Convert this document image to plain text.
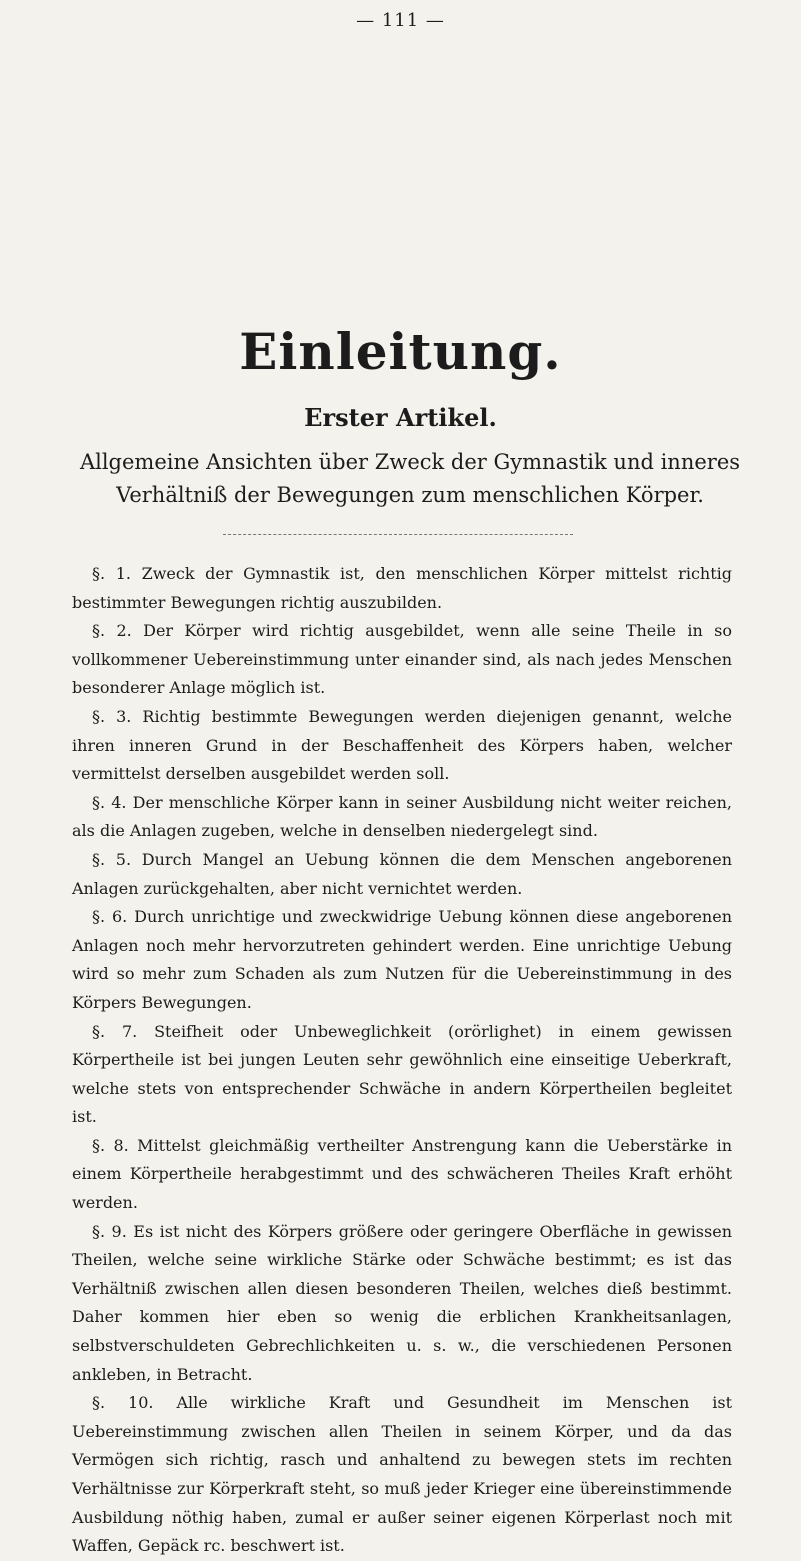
— 111 —
Einleitung.
Erster Artikel.
Allgemeine Ansichten über Zweck der Gymnastik und inneres Verhältniß der Bewegungen zum menschlichen Körper.

§. 1. Zweck der Gymnastik ist, den menschlichen Körper mittelst richtig bestimmter Bewegungen richtig auszubilden.

§. 2. Der Körper wird richtig ausgebildet, wenn alle seine Theile in so vollkommener Uebereinstimmung unter einander sind, als nach jedes Menschen besonderer Anlage möglich ist.

§. 3. Richtig bestimmte Bewegungen werden diejenigen genannt, welche ihren inneren Grund in der Beschaffenheit des Körpers haben, welcher vermittelst derselben ausgebildet werden soll.

§. 4. Der menschliche Körper kann in seiner Ausbildung nicht weiter reichen, als die Anlagen zugeben, welche in denselben niedergelegt sind.

§. 5. Durch Mangel an Uebung können die dem Menschen angeborenen Anlagen zurückgehalten, aber nicht vernichtet werden.

§. 6. Durch unrichtige und zweckwidrige Uebung können diese angeborenen Anlagen noch mehr hervorzutreten gehindert werden. Eine unrichtige Uebung wird so mehr zum Schaden als zum Nutzen für die Uebereinstimmung in des Körpers Bewegungen.

§. 7. Steifheit oder Unbeweglichkeit (orörlighet) in einem gewissen Körpertheile ist bei jungen Leuten sehr gewöhnlich eine einseitige Ueberkraft, welche stets von entsprechender Schwäche in andern Körpertheilen begleitet ist.

§. 8. Mittelst gleichmäßig vertheilter Anstrengung kann die Ueberstärke in einem Körpertheile herabgestimmt und des schwächeren Theiles Kraft erhöht werden.

§. 9. Es ist nicht des Körpers größere oder geringere Oberfläche in gewissen Theilen, welche seine wirkliche Stärke oder Schwäche bestimmt; es ist das Verhältniß zwischen allen diesen besonderen Theilen, welches dieß bestimmt. Daher kommen hier eben so wenig die erblichen Krankheitsanlagen, selbstverschuldeten Gebrechlichkeiten u. s. w., die verschiedenen Personen ankleben, in Betracht.

§. 10. Alle wirkliche Kraft und Gesundheit im Menschen ist Uebereinstimmung zwischen allen Theilen in seinem Körper, und da das Vermögen sich richtig, rasch und anhaltend zu bewegen stets im rechten Verhältnisse zur Körperkraft steht, so muß jeder Krieger eine übereinstimmende Ausbildung nöthig haben, zumal er außer seiner eigenen Körperlast noch mit Waffen, Gepäck rc. beschwert ist.
